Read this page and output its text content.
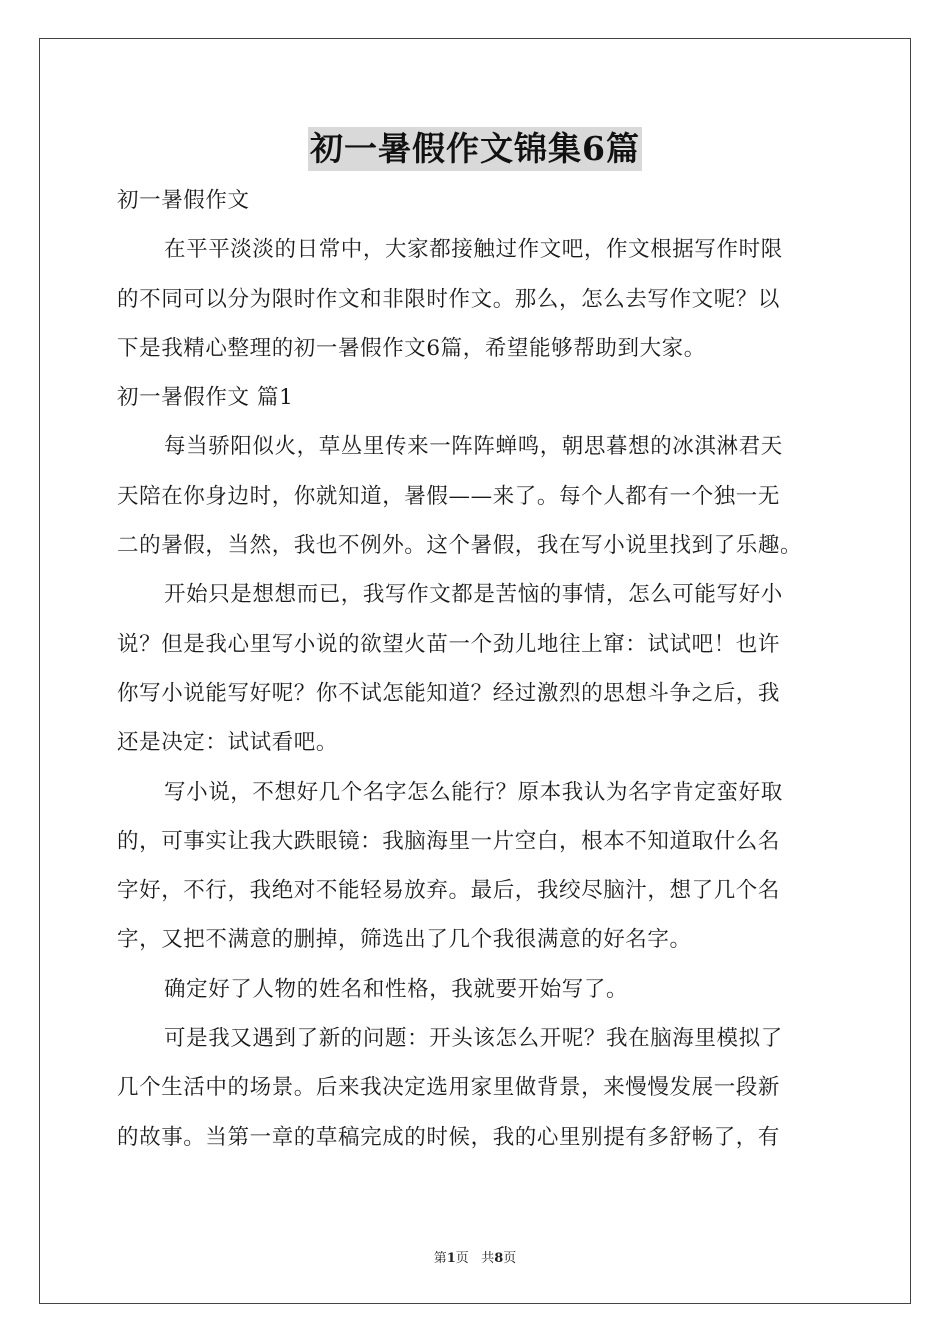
初一暑假作文锦集6篇
初一暑假作文
在平平淡淡的日常中，大家都接触过作文吧，作文根据写作时限
的不同可以分为限时作文和非限时作文。那么，怎么去写作文呢？以
下是我精心整理的初一暑假作文6篇，希望能够帮助到大家。
初一暑假作文 篇1
每当骄阳似火，草丛里传来一阵阵蝉鸣，朝思暮想的冰淇淋君天
天陪在你身边时，你就知道，暑假——来了。每个人都有一个独一无
二的暑假，当然，我也不例外。这个暑假，我在写小说里找到了乐趣。
开始只是想想而已，我写作文都是苦恼的事情，怎么可能写好小
说？但是我心里写小说的欲望火苗一个劲儿地往上窜：试试吧！也许
你写小说能写好呢？你不试怎能知道？经过激烈的思想斗争之后，我
还是决定：试试看吧。
写小说，不想好几个名字怎么能行？原本我认为名字肯定蛮好取
的，可事实让我大跌眼镜：我脑海里一片空白，根本不知道取什么名
字好，不行，我绝对不能轻易放弃。最后，我绞尽脑汁，想了几个名
字，又把不满意的删掉，筛选出了几个我很满意的好名字。
确定好了人物的姓名和性格，我就要开始写了。
可是我又遇到了新的问题：开头该怎么开呢？我在脑海里模拟了
几个生活中的场景。后来我决定选用家里做背景，来慢慢发展一段新
的故事。当第一章的草稿完成的时候，我的心里别提有多舒畅了，有
第1页 共8页
